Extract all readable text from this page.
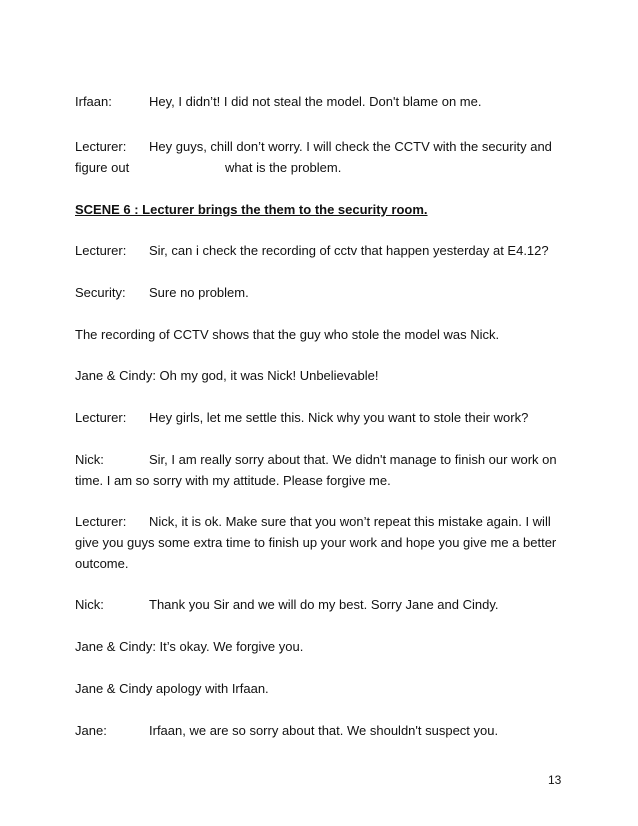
Irfaan:	Hey, I didn’t! I did not steal the model. Don't blame on me.
Lecturer: Hey guys, chill don’t worry. I will check the CCTV with the security and
figure out	what is the problem.
SCENE 6 : Lecturer brings the them to the security room.
Lecturer: Sir, can i check the recording of cctv that happen yesterday at E4.12?
Security: Sure no problem.
The recording of CCTV shows that the guy who stole the model was Nick.
Jane & Cindy: Oh my god, it was Nick! Unbelievable!
Lecturer: Hey girls, let me settle this. Nick why you want to stole their work?
Nick:	Sir, I am really sorry about that. We didn't manage to finish our work on
time. I am so sorry with my attitude. Please forgive me.
Lecturer: Nick, it is ok. Make sure that you won’t repeat this mistake again. I will
give you guys some extra time to finish up your work and hope you give me a better
outcome.
Nick:	Thank you Sir and we will do my best. Sorry Jane and Cindy.
Jane & Cindy: It’s okay. We forgive you.
Jane & Cindy apology with Irfaan.
Jane:	Irfaan, we are so sorry about that. We shouldn't suspect you.
13
